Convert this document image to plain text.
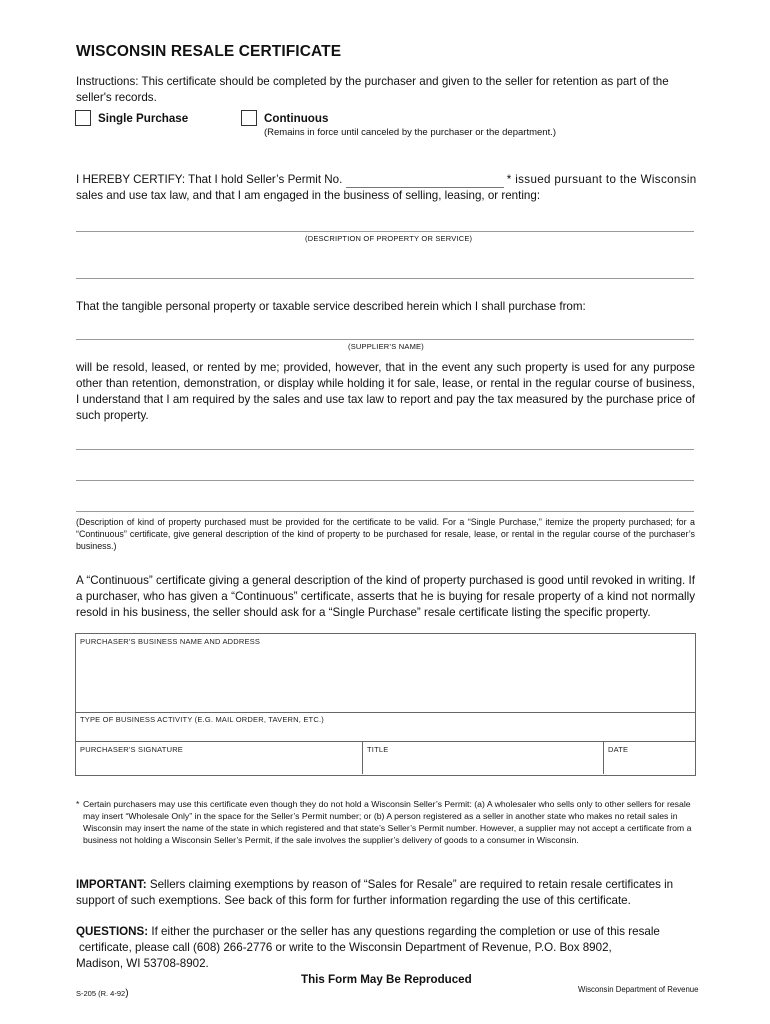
WISCONSIN RESALE CERTIFICATE
Instructions: This certificate should be completed by the purchaser and given to the seller for retention as part of the seller's records.
Single Purchase	Continuous
(Remains in force until canceled by the purchaser or the department.)
I HEREBY CERTIFY: That I hold Seller’s Permit No.	* issued pursuant to the Wisconsin
sales and use tax law, and that I am engaged in the business of selling, leasing, or renting:
(DESCRIPTION OF PROPERTY OR SERVICE)
That the tangible personal property or taxable service described herein which I shall purchase from:
(SUPPLIER’S NAME)
will be resold, leased, or rented by me; provided, however, that in the event any such property is used for any purpose other than retention, demonstration, or display while holding it for sale, lease, or rental in the regular course of business, I understand that I am required by the sales and use tax law to report and pay the tax measured by the purchase price of such property.
(Description of kind of property purchased must be provided for the certificate to be valid. For a “Single Purchase,” itemize the property purchased; for a “Continuous” certificate, give general description of the kind of property to be purchased for resale, lease, or rental in the regular course of the purchaser’s business.)
A “Continuous” certificate giving a general description of the kind of property purchased is good until revoked in writing. If a purchaser, who has given a “Continuous” certificate, asserts that he is buying for resale property of a kind not normally resold in his business, the seller should ask for a “Single Purchase” resale certificate listing the specific property.
PURCHASER'S BUSINESS NAME AND ADDRESS
TYPE OF BUSINESS ACTIVITY (E.G. MAIL ORDER, TAVERN, ETC.)
PURCHASER'S SIGNATURE	TITLE	DATE
* Certain purchasers may use this certificate even though they do not hold a Wisconsin Seller’s Permit: (a) A wholesaler who sells only to other sellers for resale may insert “Wholesale Only” in the space for the Seller’s Permit number; or (b) A person registered as a seller in another state who makes no retail sales in Wisconsin may insert the name of the state in which registered and that state’s Seller’s Permit number. However, a supplier may not accept a certificate from a business not holding a Wisconsin Seller’s Permit, if the sale involves the supplier’s delivery of goods to a consumer in Wisconsin.
IMPORTANT: Sellers claiming exemptions by reason of “Sales for Resale” are required to retain resale certificates in support of such exemptions. See back of this form for further information regarding the use of this certificate.
QUESTIONS: If either the purchaser or the seller has any questions regarding the completion or use of this resale
certificate, please call (608) 266-2776 or write to the Wisconsin Department of Revenue, P.O. Box 8902,
Madison, WI 53708-8902.
S-205 (R. 4-92)
This Form May Be Reproduced
Wisconsin Department of Revenue
